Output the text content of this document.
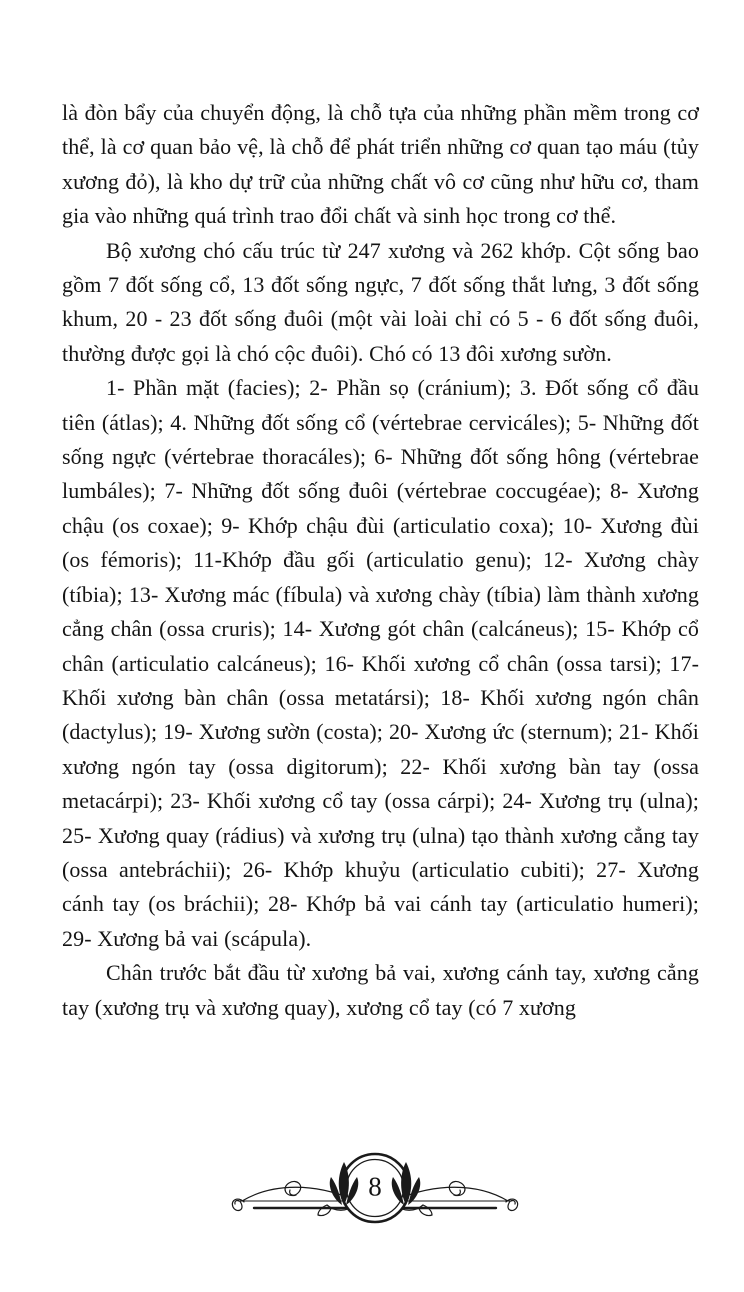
là đòn bẩy của chuyển động, là chỗ tựa của những phần mềm trong cơ thể, là cơ quan bảo vệ, là chỗ để phát triển những cơ quan tạo máu (tủy xương đỏ), là kho dự trữ của những chất vô cơ cũng như hữu cơ, tham gia vào những quá trình trao đổi chất và sinh học trong cơ thể.

Bộ xương chó cấu trúc từ 247 xương và 262 khớp. Cột sống bao gồm 7 đốt sống cổ, 13 đốt sống ngực, 7 đốt sống thắt lưng, 3 đốt sống khum, 20 - 23 đốt sống đuôi (một vài loài chỉ có 5 - 6 đốt sống đuôi, thường được gọi là chó cộc đuôi). Chó có 13 đôi xương sườn.

1- Phần mặt (facies); 2- Phần sọ (cránium); 3. Đốt sống cổ đầu tiên (átlas); 4. Những đốt sống cổ (vértebrae cervicáles); 5- Những đốt sống ngực (vértebrae thoracáles); 6- Những đốt sống hông (vértebrae lumbáles); 7- Những đốt sống đuôi (vértebrae coccugéae); 8- Xương chậu (os coxae); 9- Khớp chậu đùi (articulatio coxa); 10- Xương đùi (os fémoris); 11-Khớp đầu gối (articulatio genu); 12- Xương chày (tíbia); 13- Xương mác (fíbula) và xương chày (tíbia) làm thành xương cẳng chân (ossa cruris); 14- Xương gót chân (calcáneus); 15- Khớp cổ chân (articulatio calcáneus); 16- Khối xương cổ chân (ossa tarsi); 17- Khối xương bàn chân (ossa metatársi); 18- Khối xương ngón chân (dactylus); 19- Xương sườn (costa); 20- Xương ức (sternum); 21- Khối xương ngón tay (ossa digitorum); 22- Khối xương bàn tay (ossa metacárpi); 23- Khối xương cổ tay (ossa cárpi); 24- Xương trụ (ulna); 25- Xương quay (rádius) và xương trụ (ulna) tạo thành xương cẳng tay (ossa antebráchii); 26- Khớp khuỷu (articulatio cubiti); 27- Xương cánh tay (os bráchii); 28- Khớp bả vai cánh tay (articulatio humeri); 29- Xương bả vai (scápula).

Chân trước bắt đầu từ xương bả vai, xương cánh tay, xương cẳng tay (xương trụ và xương quay), xương cổ tay (có 7 xương

8
